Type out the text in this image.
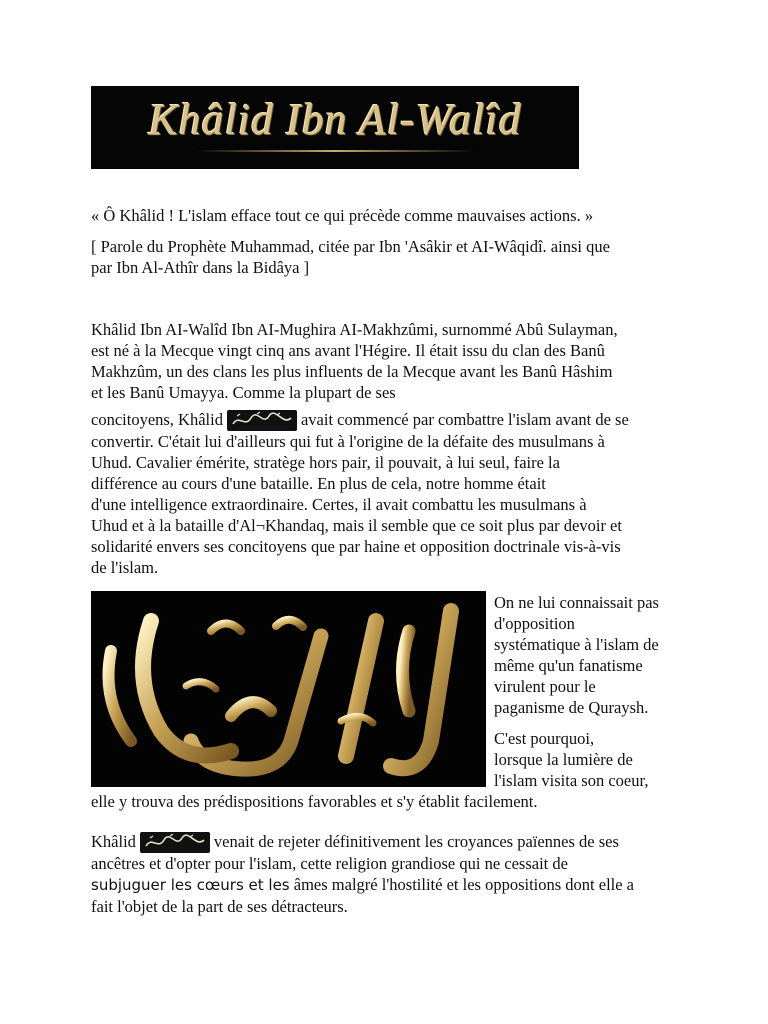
Khâlid Ibn Al-Walîd

« Ô Khâlid ! L'islam efface tout ce qui précède comme mauvaises actions. »

[ Parole du Prophète Muhammad, citée par Ibn 'Asâkir et AI-Wâqidî. ainsi que
par Ibn Al-Athîr dans la Bidâya ]

Khâlid Ibn AI-Walîd Ibn AI-Mughira AI-Makhzûmi, surnommé Abû Sulayman,
est né à la Mecque vingt cinq ans avant l'Hégire. Il était issu du clan des Banû
Makhzûm, un des clans les plus influents de la Mecque avant les Banû Hâshim
et les Banû Umayya. Comme la plupart de ses
concitoyens, Khâlid	avait commencé par combattre l'islam avant de se
convertir. C'était lui d'ailleurs qui fut à l'origine de la défaite des musulmans à
Uhud. Cavalier émérite, stratège hors pair, il pouvait, à lui seul, faire la
différence au cours d'une bataille. En plus de cela, notre homme était
d'une intelligence extraordinaire. Certes, il avait combattu les musulmans à
Uhud et à la bataille d'Al¬Khandaq, mais il semble que ce soit plus par devoir et
solidarité envers ses concitoyens que par haine et opposition doctrinale vis-à-vis
de l'islam.

On ne lui connaissait pas
d'opposition
systématique à l'islam de
même qu'un fanatisme
virulent pour le
paganisme de Quraysh.

C'est pourquoi,
lorsque la lumière de
l'islam visita son coeur,

elle y trouva des prédispositions favorables et s'y établit facilement.

Khâlid	venait de rejeter définitivement les croyances païennes de ses
ancêtres et d'opter pour l'islam, cette religion grandiose qui ne cessait de
subjuguer les cœurs et les âmes malgré l'hostilité et les oppositions dont elle a
fait l'objet de la part de ses détracteurs.
